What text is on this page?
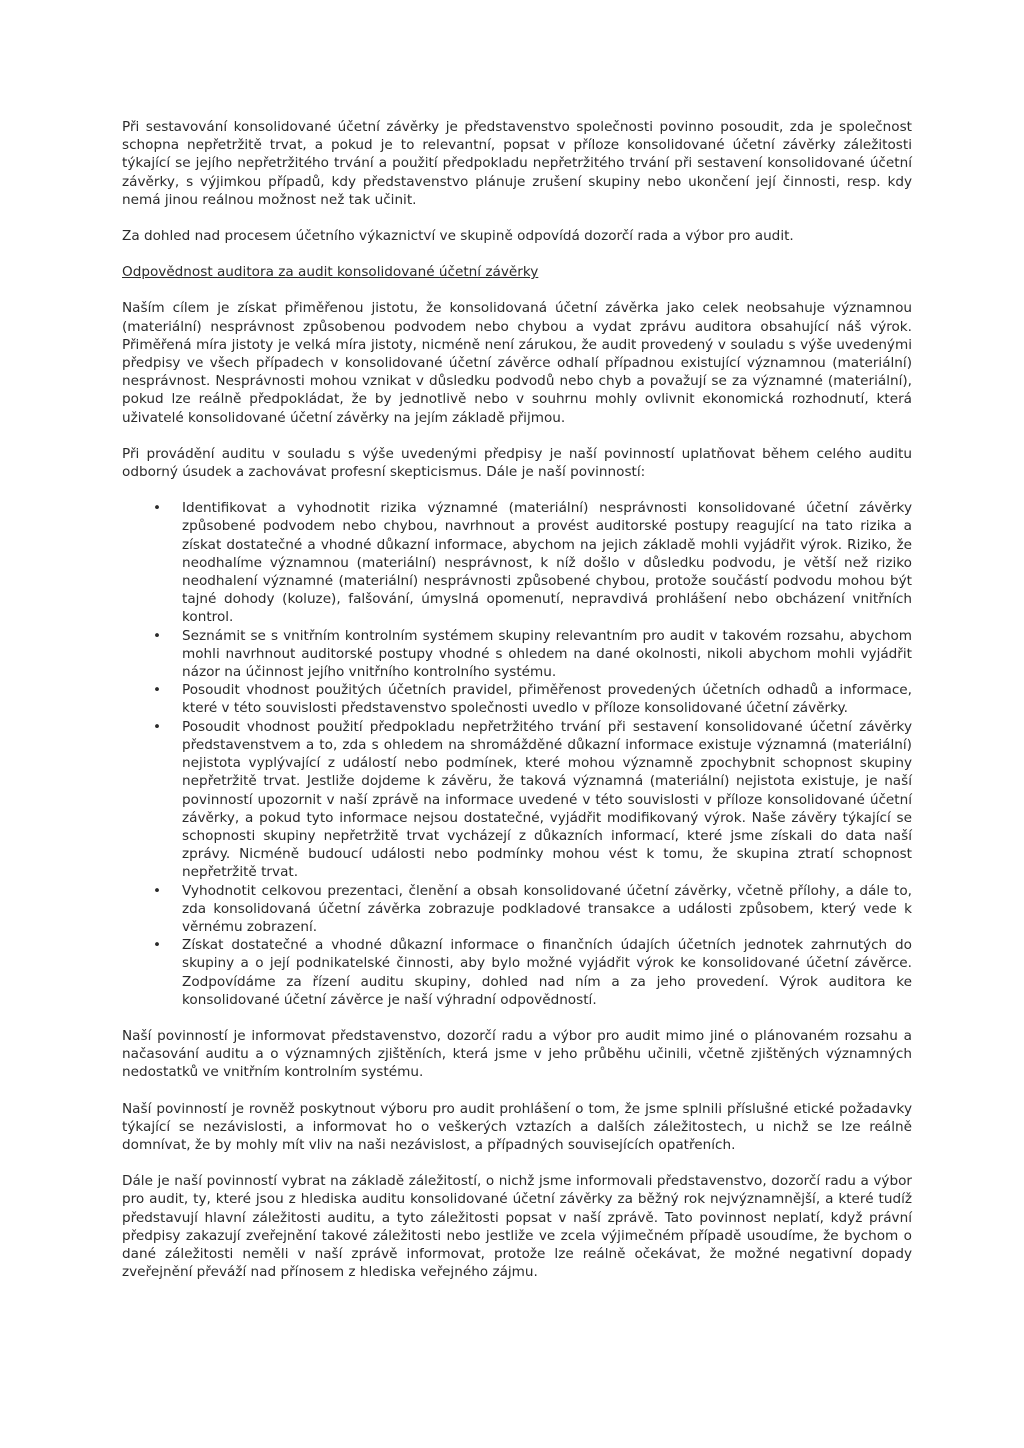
Při sestavování konsolidované účetní závěrky je představenstvo společnosti povinno posoudit, zda je společnost schopna nepřetržitě trvat, a pokud je to relevantní, popsat v příloze konsolidované účetní závěrky záležitosti týkající se jejího nepřetržitého trvání a použití předpokladu nepřetržitého trvání při sestavení konsolidované účetní závěrky, s výjimkou případů, kdy představenstvo plánuje zrušení skupiny nebo ukončení její činnosti, resp. kdy nemá jinou reálnou možnost než tak učinit.

Za dohled nad procesem účetního výkaznictví ve skupině odpovídá dozorčí rada a výbor pro audit.

Odpovědnost auditora za audit konsolidované účetní závěrky

Naším cílem je získat přiměřenou jistotu, že konsolidovaná účetní závěrka jako celek neobsahuje významnou (materiální) nesprávnost způsobenou podvodem nebo chybou a vydat zprávu auditora obsahující náš výrok. Přiměřená míra jistoty je velká míra jistoty, nicméně není zárukou, že audit provedený v souladu s výše uvedenými předpisy ve všech případech v konsolidované účetní závěrce odhalí případnou existující významnou (materiální) nesprávnost. Nesprávnosti mohou vznikat v důsledku podvodů nebo chyb a považují se za významné (materiální), pokud lze reálně předpokládat, že by jednotlivě nebo v souhrnu mohly ovlivnit ekonomická rozhodnutí, která uživatelé konsolidované účetní závěrky na jejím základě přijmou.

Při provádění auditu v souladu s výše uvedenými předpisy je naší povinností uplatňovat během celého auditu odborný úsudek a zachovávat profesní skepticismus. Dále je naší povinností:

• Identifikovat a vyhodnotit rizika významné (materiální) nesprávnosti konsolidované účetní závěrky způsobené podvodem nebo chybou, navrhnout a provést auditorské postupy reagující na tato rizika a získat dostatečné a vhodné důkazní informace, abychom na jejich základě mohli vyjádřit výrok. Riziko, že neodhalíme významnou (materiální) nesprávnost, k níž došlo v důsledku podvodu, je větší než riziko neodhalení významné (materiální) nesprávnosti způsobené chybou, protože součástí podvodu mohou být tajné dohody (koluze), falšování, úmyslná opomenutí, nepravdivá prohlášení nebo obcházení vnitřních kontrol.
• Seznámit se s vnitřním kontrolním systémem skupiny relevantním pro audit v takovém rozsahu, abychom mohli navrhnout auditorské postupy vhodné s ohledem na dané okolnosti, nikoli abychom mohli vyjádřit názor na účinnost jejího vnitřního kontrolního systému.
• Posoudit vhodnost použitých účetních pravidel, přiměřenost provedených účetních odhadů a informace, které v této souvislosti představenstvo společnosti uvedlo v příloze konsolidované účetní závěrky.
• Posoudit vhodnost použití předpokladu nepřetržitého trvání při sestavení konsolidované účetní závěrky představenstvem a to, zda s ohledem na shromážděné důkazní informace existuje významná (materiální) nejistota vyplývající z událostí nebo podmínek, které mohou významně zpochybnit schopnost skupiny nepřetržitě trvat. Jestliže dojdeme k závěru, že taková významná (materiální) nejistota existuje, je naší povinností upozornit v naší zprávě na informace uvedené v této souvislosti v příloze konsolidované účetní závěrky, a pokud tyto informace nejsou dostatečné, vyjádřit modifikovaný výrok. Naše závěry týkající se schopnosti skupiny nepřetržitě trvat vycházejí z důkazních informací, které jsme získali do data naší zprávy. Nicméně budoucí události nebo podmínky mohou vést k tomu, že skupina ztratí schopnost nepřetržitě trvat.
• Vyhodnotit celkovou prezentaci, členění a obsah konsolidované účetní závěrky, včetně přílohy, a dále to, zda konsolidovaná účetní závěrka zobrazuje podkladové transakce a události způsobem, který vede k věrnému zobrazení.
• Získat dostatečné a vhodné důkazní informace o finančních údajích účetních jednotek zahrnutých do skupiny a o její podnikatelské činnosti, aby bylo možné vyjádřit výrok ke konsolidované účetní závěrce. Zodpovídáme za řízení auditu skupiny, dohled nad ním a za jeho provedení. Výrok auditora ke konsolidované účetní závěrce je naší výhradní odpovědností.

Naší povinností je informovat představenstvo, dozorčí radu a výbor pro audit mimo jiné o plánovaném rozsahu a načasování auditu a o významných zjištěních, která jsme v jeho průběhu učinili, včetně zjištěných významných nedostatků ve vnitřním kontrolním systému.

Naší povinností je rovněž poskytnout výboru pro audit prohlášení o tom, že jsme splnili příslušné etické požadavky týkající se nezávislosti, a informovat ho o veškerých vztazích a dalších záležitostech, u nichž se lze reálně domnívat, že by mohly mít vliv na naši nezávislost, a případných souvisejících opatřeních.

Dále je naší povinností vybrat na základě záležitostí, o nichž jsme informovali představenstvo, dozorčí radu a výbor pro audit, ty, které jsou z hlediska auditu konsolidované účetní závěrky za běžný rok nejvýznamnější, a které tudíž představují hlavní záležitosti auditu, a tyto záležitosti popsat v naší zprávě. Tato povinnost neplatí, když právní předpisy zakazují zveřejnění takové záležitosti nebo jestliže ve zcela výjimečném případě usoudíme, že bychom o dané záležitosti neměli v naší zprávě informovat, protože lze reálně očekávat, že možné negativní dopady zveřejnění převáží nad přínosem z hlediska veřejného zájmu.
